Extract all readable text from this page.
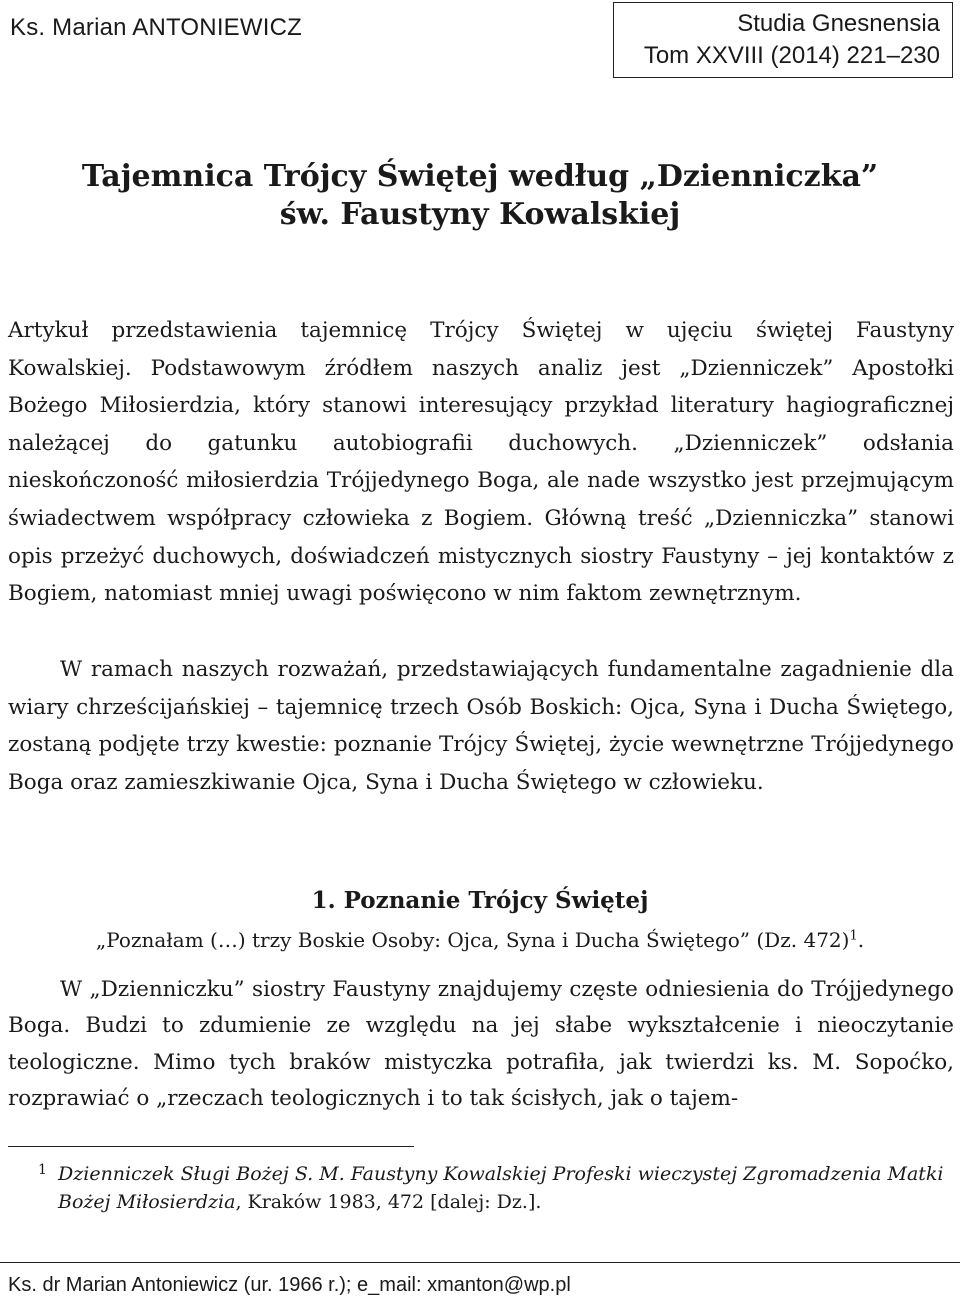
Ks. Marian ANTONIEWICZ	Studia Gnesnensia
Tom XXVIII (2014) 221–230
Tajemnica Trójcy Świętej według „Dzienniczka”
św. Faustyny Kowalskiej

Artykuł przedstawienia tajemnicę Trójcy Świętej w ujęciu świętej Faustyny Kowalskiej. Podstawowym źródłem naszych analiz jest „Dzienniczek” Apostołki Bożego Miłosierdzia, który stanowi interesujący przykład literatury hagiograficznej należącej do gatunku autobiografii duchowych. „Dzienniczek” odsłania nieskończoność miłosierdzia Trójjedynego Boga, ale nade wszystko jest przejmującym świadectwem współpracy człowieka z Bogiem. Główną treść „Dzienniczka” stanowi opis przeżyć duchowych, doświadczeń mistycznych siostry Faustyny – jej kontaktów z Bogiem, natomiast mniej uwagi poświęcono w nim faktom zewnętrznym.

W ramach naszych rozważań, przedstawiających fundamentalne zagadnienie dla wiary chrześcijańskiej – tajemnicę trzech Osób Boskich: Ojca, Syna i Ducha Świętego, zostaną podjęte trzy kwestie: poznanie Trójcy Świętej, życie wewnętrzne Trójjedynego Boga oraz zamieszkiwanie Ojca, Syna i Ducha Świętego w człowieku.

1. Poznanie Trójcy Świętej
„Poznałam (…) trzy Boskie Osoby: Ojca, Syna i Ducha Świętego” (Dz. 472)$^1$.

W „Dzienniczku” siostry Faustyny znajdujemy częste odniesienia do Trójjedynego Boga. Budzi to zdumienie ze względu na jej słabe wykształcenie i nieoczytanie teologiczne. Mimo tych braków mistyczka potrafiła, jak twierdzi ks. M. Sopoćko, rozprawiać o „rzeczach teologicznych i to tak ścisłych, jak o tajem-

1 Dzienniczek Sługi Bożej S. M. Faustyny Kowalskiej Profeski wieczystej Zgromadzenia Matki Bożej Miłosierdzia, Kraków 1983, 472 [dalej: Dz.].
Ks. dr Marian Antoniewicz (ur. 1966 r.); e_mail: xmanton@wp.pl
